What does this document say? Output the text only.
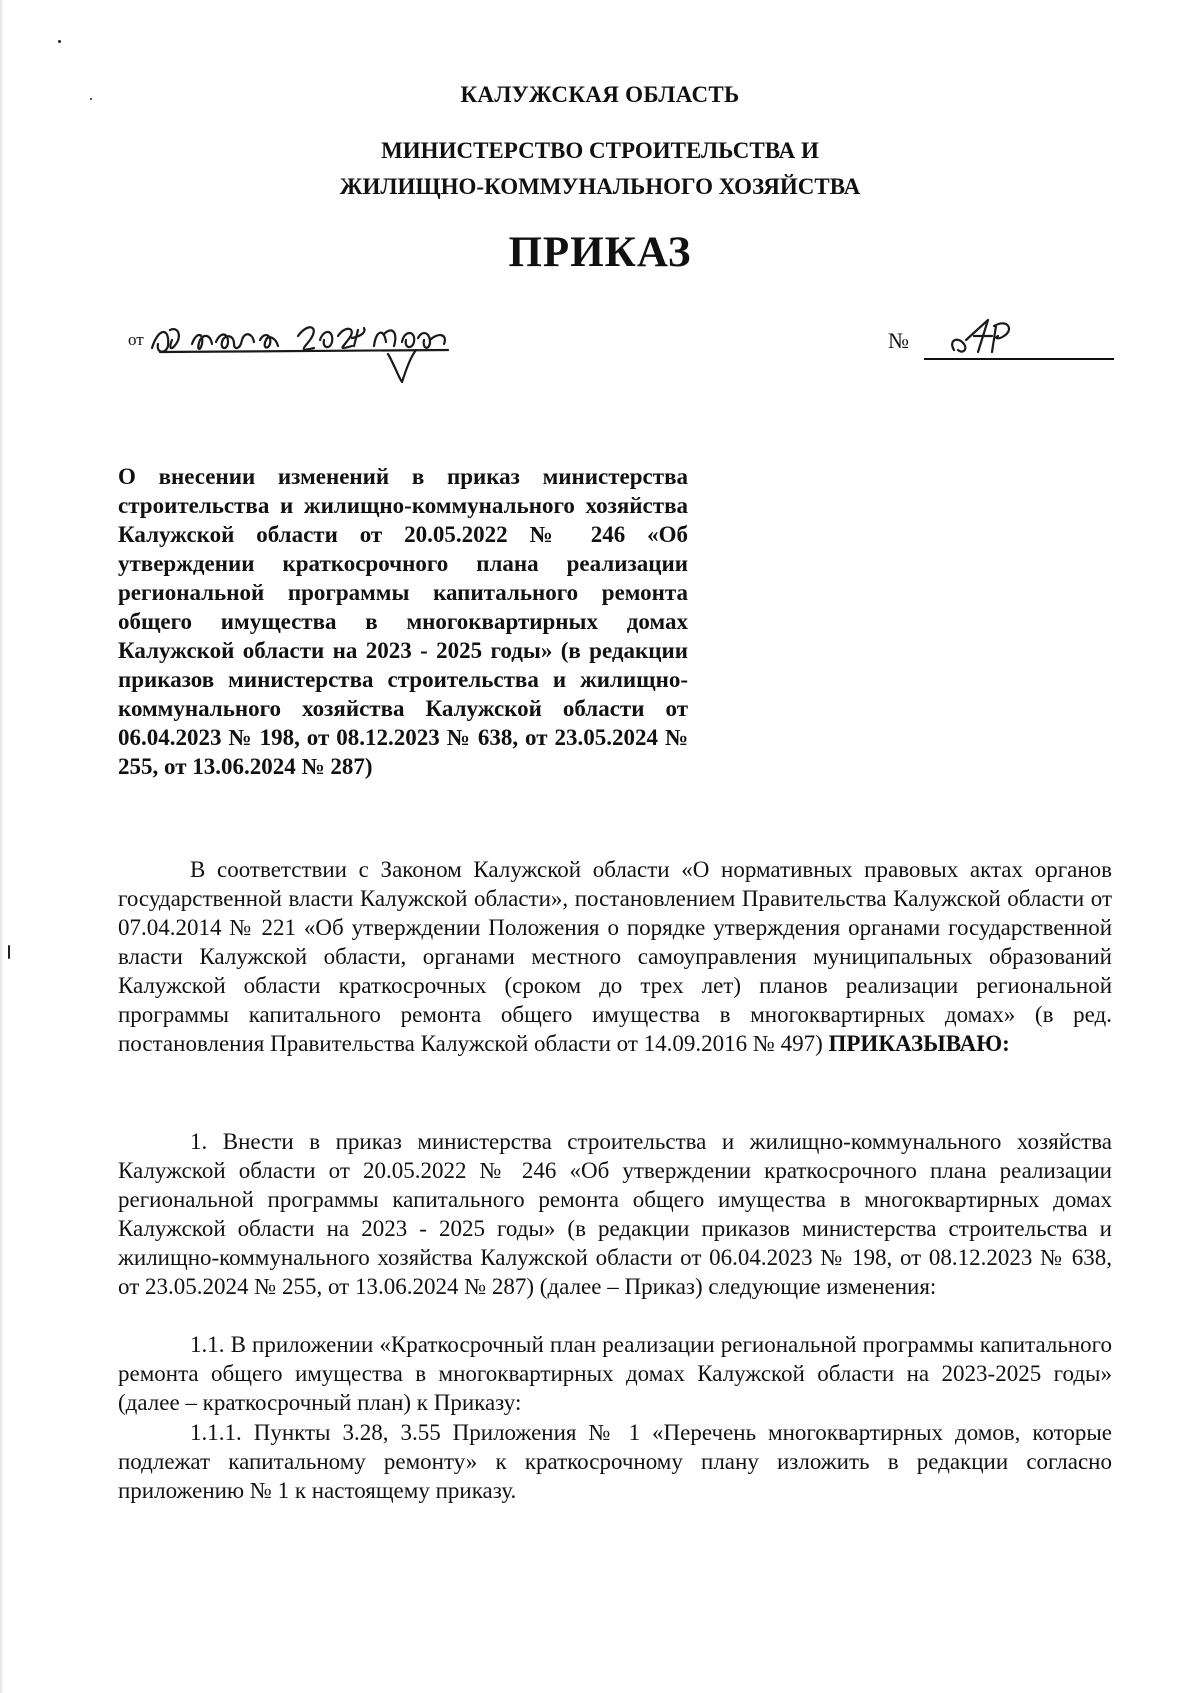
КАЛУЖСКАЯ ОБЛАСТЬ
МИНИСТЕРСТВО СТРОИТЕЛЬСТВА И
ЖИЛИЩНО-КОММУНАЛЬНОГО ХОЗЯЙСТВА
ПРИКАЗ
от	№

О внесении изменений в приказ министерства строительства и жилищно-коммунального хозяйства Калужской области от 20.05.2022 № 246 «Об утверждении краткосрочного плана реализации региональной программы капитального ремонта общего имущества в многоквартирных домах Калужской области на 2023 - 2025 годы» (в редакции приказов министерства строительства и жилищно-коммунального хозяйства Калужской области от 06.04.2023 № 198, от 08.12.2023 № 638, от 23.05.2024 № 255, от 13.06.2024 № 287)

В соответствии с Законом Калужской области «О нормативных правовых актах органов государственной власти Калужской области», постановлением Правительства Калужской области от 07.04.2014 № 221 «Об утверждении Положения о порядке утверждения органами государственной власти Калужской области, органами местного самоуправления муниципальных образований Калужской области краткосрочных (сроком до трех лет) планов реализации региональной программы капитального ремонта общего имущества в многоквартирных домах» (в ред. постановления Правительства Калужской области от 14.09.2016 № 497) ПРИКАЗЫВАЮ:

1. Внести в приказ министерства строительства и жилищно-коммунального хозяйства Калужской области от 20.05.2022 № 246 «Об утверждении краткосрочного плана реализации региональной программы капитального ремонта общего имущества в многоквартирных домах Калужской области на 2023 - 2025 годы» (в редакции приказов министерства строительства и жилищно-коммунального хозяйства Калужской области от 06.04.2023 № 198, от 08.12.2023 № 638, от 23.05.2024 № 255, от 13.06.2024 № 287) (далее – Приказ) следующие изменения:

1.1. В приложении «Краткосрочный план реализации региональной программы капитального ремонта общего имущества в многоквартирных домах Калужской области на 2023-2025 годы» (далее – краткосрочный план) к Приказу:

1.1.1. Пункты 3.28, 3.55 Приложения № 1 «Перечень многоквартирных домов, которые подлежат капитальному ремонту» к краткосрочному плану изложить в редакции согласно приложению № 1 к настоящему приказу.
